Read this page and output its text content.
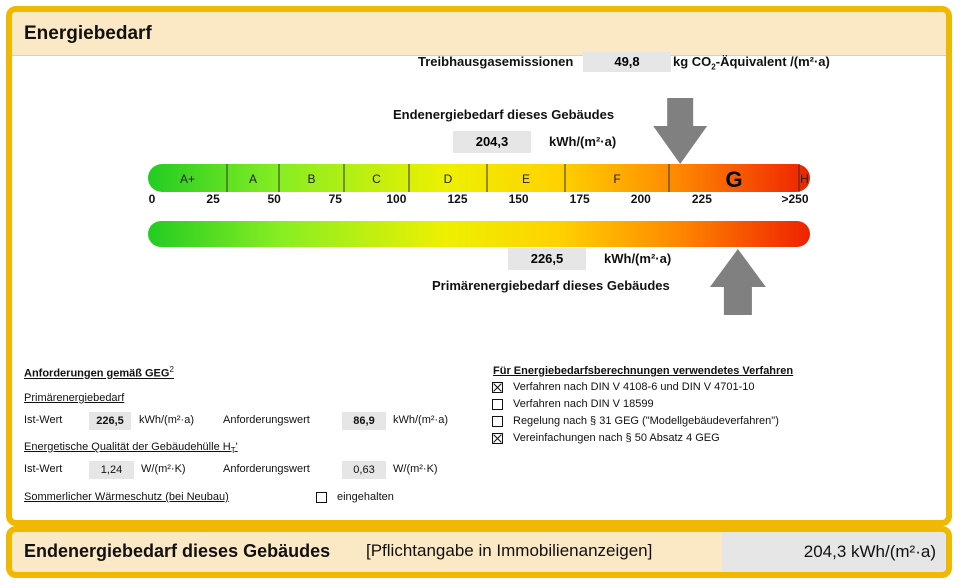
Energiebedarf
Treibhausgasemissionen	49,8	kg $CO_2$-Äquivalent /(m²·a)
Endenergiebedarf dieses Gebäudes
204,3	kWh/(m²·a)
A+	A	B	C	D	E	F	G	H
0	25	50	75	100	125	150	175	200	225	>250
226,5	kWh/(m²·a)
Primärenergiebedarf dieses Gebäudes
Anforderungen gemäß GEG$^2$
Primärenergiebedarf
Ist-Wert	226,5	kWh/(m²·a)	Anforderungswert	86,9	kWh/(m²·a)
Energetische Qualität der Gebäudehülle $H_T'$
Ist-Wert	1,24	W/(m²·K)	Anforderungswert	0,63	W/(m²·K)
Sommerlicher Wärmeschutz (bei Neubau)	eingehalten
Für Energiebedarfsberechnungen verwendetes Verfahren
Verfahren nach DIN V 4108-6 und DIN V 4701-10
Verfahren nach DIN V 18599
Regelung nach § 31 GEG ("Modellgebäudeverfahren")
Vereinfachungen nach § 50 Absatz 4 GEG
Endenergiebedarf dieses Gebäudes [Pflichtangabe in Immobilienanzeigen]	204,3 kWh/(m²·a)
